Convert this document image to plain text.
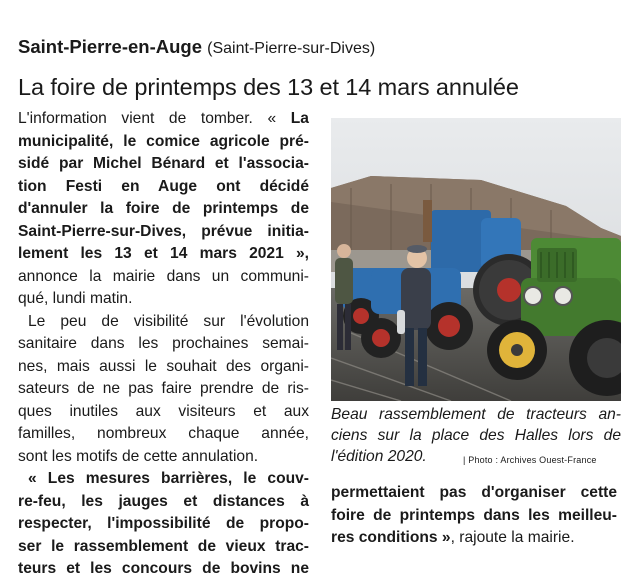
Saint-Pierre-en-Auge (Saint-Pierre-sur-Dives)
La foire de printemps des 13 et 14 mars annulée
L'information vient de tomber. « La
municipalité, le comice agricole pré-
sidé par Michel Bénard et l'associa-
tion Festi en Auge ont décidé
d'annuler la foire de printemps de
Saint-Pierre-sur-Dives, prévue initia-
lement les 13 et 14 mars 2021 »,
annonce la mairie dans un communi-
qué, lundi matin.
Le peu de visibilité sur l'évolution
sanitaire dans les prochaines semai-
nes, mais aussi le souhait des organi-
sateurs de ne pas faire prendre de ris-
ques inutiles aux visiteurs et aux
familles, nombreux chaque année,
sont les motifs de cette annulation.
« Les mesures barrières, le couv-
re-feu, les jauges et distances à
respecter, l'impossibilité de propo-
ser le rassemblement de vieux trac-
teurs et les concours de bovins ne
Beau rassemblement de tracteurs an-
ciens sur la place des Halles lors de
l'édition 2020.	| Photo : Archives Ouest-France
permettaient pas d'organiser cette
foire de printemps dans les meilleu-
res conditions », rajoute la mairie.
